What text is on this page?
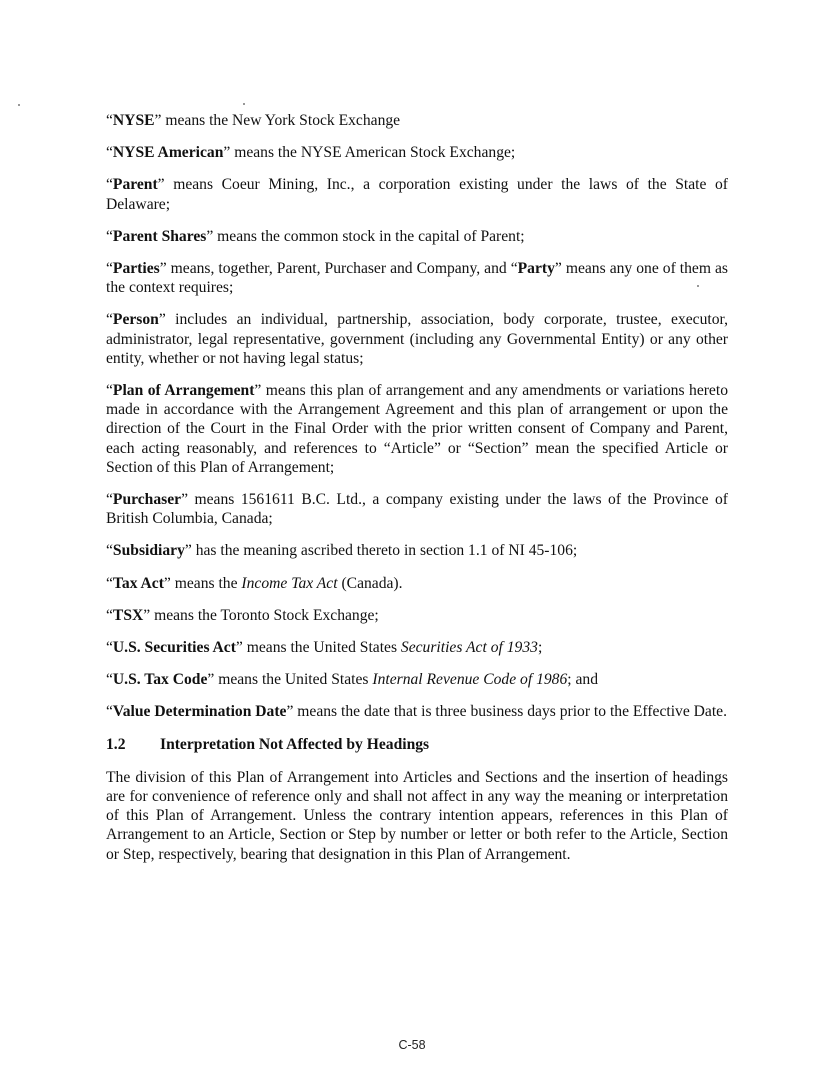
“NYSE” means the New York Stock Exchange

“NYSE American” means the NYSE American Stock Exchange;

“Parent” means Coeur Mining, Inc., a corporation existing under the laws of the State of Delaware;

“Parent Shares” means the common stock in the capital of Parent;

“Parties” means, together, Parent, Purchaser and Company, and “Party” means any one of them as the context requires;

“Person” includes an individual, partnership, association, body corporate, trustee, executor, administrator, legal representative, government (including any Governmental Entity) or any other entity, whether or not having legal status;

“Plan of Arrangement” means this plan of arrangement and any amendments or variations hereto made in accordance with the Arrangement Agreement and this plan of arrangement or upon the direction of the Court in the Final Order with the prior written consent of Company and Parent, each acting reasonably, and references to “Article” or “Section” mean the specified Article or Section of this Plan of Arrangement;

“Purchaser” means 1561611 B.C. Ltd., a company existing under the laws of the Province of British Columbia, Canada;

“Subsidiary” has the meaning ascribed thereto in section 1.1 of NI 45-106;

“Tax Act” means the Income Tax Act (Canada).

“TSX” means the Toronto Stock Exchange;

“U.S. Securities Act” means the United States Securities Act of 1933;

“U.S. Tax Code” means the United States Internal Revenue Code of 1986; and

“Value Determination Date” means the date that is three business days prior to the Effective Date.

1.2 Interpretation Not Affected by Headings

The division of this Plan of Arrangement into Articles and Sections and the insertion of headings are for convenience of reference only and shall not affect in any way the meaning or interpretation of this Plan of Arrangement. Unless the contrary intention appears, references in this Plan of Arrangement to an Article, Section or Step by number or letter or both refer to the Article, Section or Step, respectively, bearing that designation in this Plan of Arrangement.

C-58
